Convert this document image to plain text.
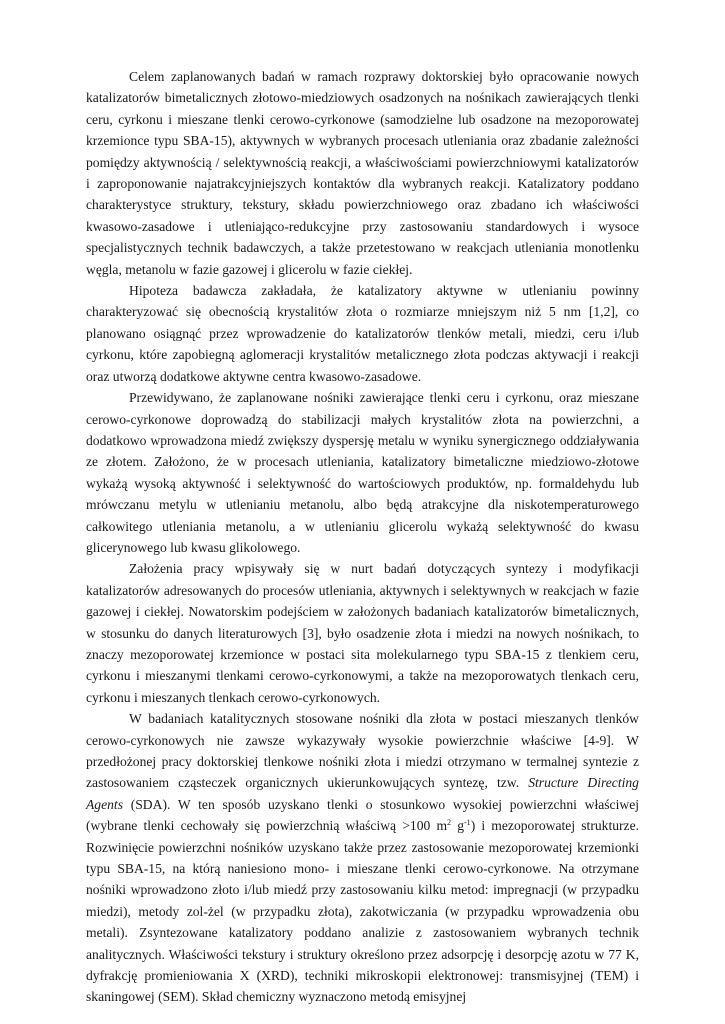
Celem zaplanowanych badań w ramach rozprawy doktorskiej było opracowanie nowych katalizatorów bimetalicznych złotowo-miedziowych osadzonych na nośnikach zawierających tlenki ceru, cyrkonu i mieszane tlenki cerowo-cyrkonowe (samodzielne lub osadzone na mezoporowatej krzemionce typu SBA-15), aktywnych w wybranych procesach utleniania oraz zbadanie zależności pomiędzy aktywnością / selektywnością reakcji, a właściwościami powierzchniowymi katalizatorów i zaproponowanie najatrakcyjniejszych kontaktów dla wybranych reakcji. Katalizatory poddano charakterystyce struktury, tekstury, składu powierzchniowego oraz zbadano ich właściwości kwasowo-zasadowe i utleniająco-redukcyjne przy zastosowaniu standardowych i wysoce specjalistycznych technik badawczych, a także przetestowano w reakcjach utleniania monotlenku węgla, metanolu w fazie gazowej i glicerolu w fazie ciekłej.

Hipoteza badawcza zakładała, że katalizatory aktywne w utlenianiu powinny charakteryzować się obecnością krystalitów złota o rozmiarze mniejszym niż 5 nm [1,2], co planowano osiągnąć przez wprowadzenie do katalizatorów tlenków metali, miedzi, ceru i/lub cyrkonu, które zapobiegną aglomeracji krystalitów metalicznego złota podczas aktywacji i reakcji oraz utworzą dodatkowe aktywne centra kwasowo-zasadowe.

Przewidywano, że zaplanowane nośniki zawierające tlenki ceru i cyrkonu, oraz mieszane cerowo-cyrkonowe doprowadzą do stabilizacji małych krystalitów złota na powierzchni, a dodatkowo wprowadzona miedź zwiększy dyspersję metalu w wyniku synergicznego oddziaływania ze złotem. Założono, że w procesach utleniania, katalizatory bimetaliczne miedziowo-złotowe wykażą wysoką aktywność i selektywność do wartościowych produktów, np. formaldehydu lub mrówczanu metylu w utlenianiu metanolu, albo będą atrakcyjne dla niskotemperaturowego całkowitego utleniania metanolu, a w utlenianiu glicerolu wykażą selektywność do kwasu glicerynowego lub kwasu glikolowego.

Założenia pracy wpisywały się w nurt badań dotyczących syntezy i modyfikacji katalizatorów adresowanych do procesów utleniania, aktywnych i selektywnych w reakcjach w fazie gazowej i ciekłej. Nowatorskim podejściem w założonych badaniach katalizatorów bimetalicznych, w stosunku do danych literaturowych [3], było osadzenie złota i miedzi na nowych nośnikach, to znaczy mezoporowatej krzemionce w postaci sita molekularnego typu SBA-15 z tlenkiem ceru, cyrkonu i mieszanymi tlenkami cerowo-cyrkonowymi, a także na mezoporowatych tlenkach ceru, cyrkonu i mieszanych tlenkach cerowo-cyrkonowych.

W badaniach katalitycznych stosowane nośniki dla złota w postaci mieszanych tlenków cerowo-cyrkonowych nie zawsze wykazywały wysokie powierzchnie właściwe [4-9]. W przedłożonej pracy doktorskiej tlenkowe nośniki złota i miedzi otrzymano w termalnej syntezie z zastosowaniem cząsteczek organicznych ukierunkowujących syntezę, tzw. Structure Directing Agents (SDA). W ten sposób uzyskano tlenki o stosunkowo wysokiej powierzchni właściwej (wybrane tlenki cechowały się powierzchnią właściwą >100 $m^2$ $g^{-1}$) i mezoporowatej strukturze. Rozwinięcie powierzchni nośników uzyskano także przez zastosowanie mezoporowatej krzemionki typu SBA-15, na którą naniesiono mono- i mieszane tlenki cerowo-cyrkonowe. Na otrzymane nośniki wprowadzono złoto i/lub miedź przy zastosowaniu kilku metod: impregnacji (w przypadku miedzi), metody zol-żel (w przypadku złota), zakotwiczania (w przypadku wprowadzenia obu metali). Zsyntezowane katalizatory poddano analizie z zastosowaniem wybranych technik analitycznych. Właściwości tekstury i struktury określono przez adsorpcję i desorpcję azotu w 77 K, dyfrakcję promieniowania X (XRD), techniki mikroskopii elektronowej: transmisyjnej (TEM) i skaningowej (SEM). Skład chemiczny wyznaczono metodą emisyjnej
